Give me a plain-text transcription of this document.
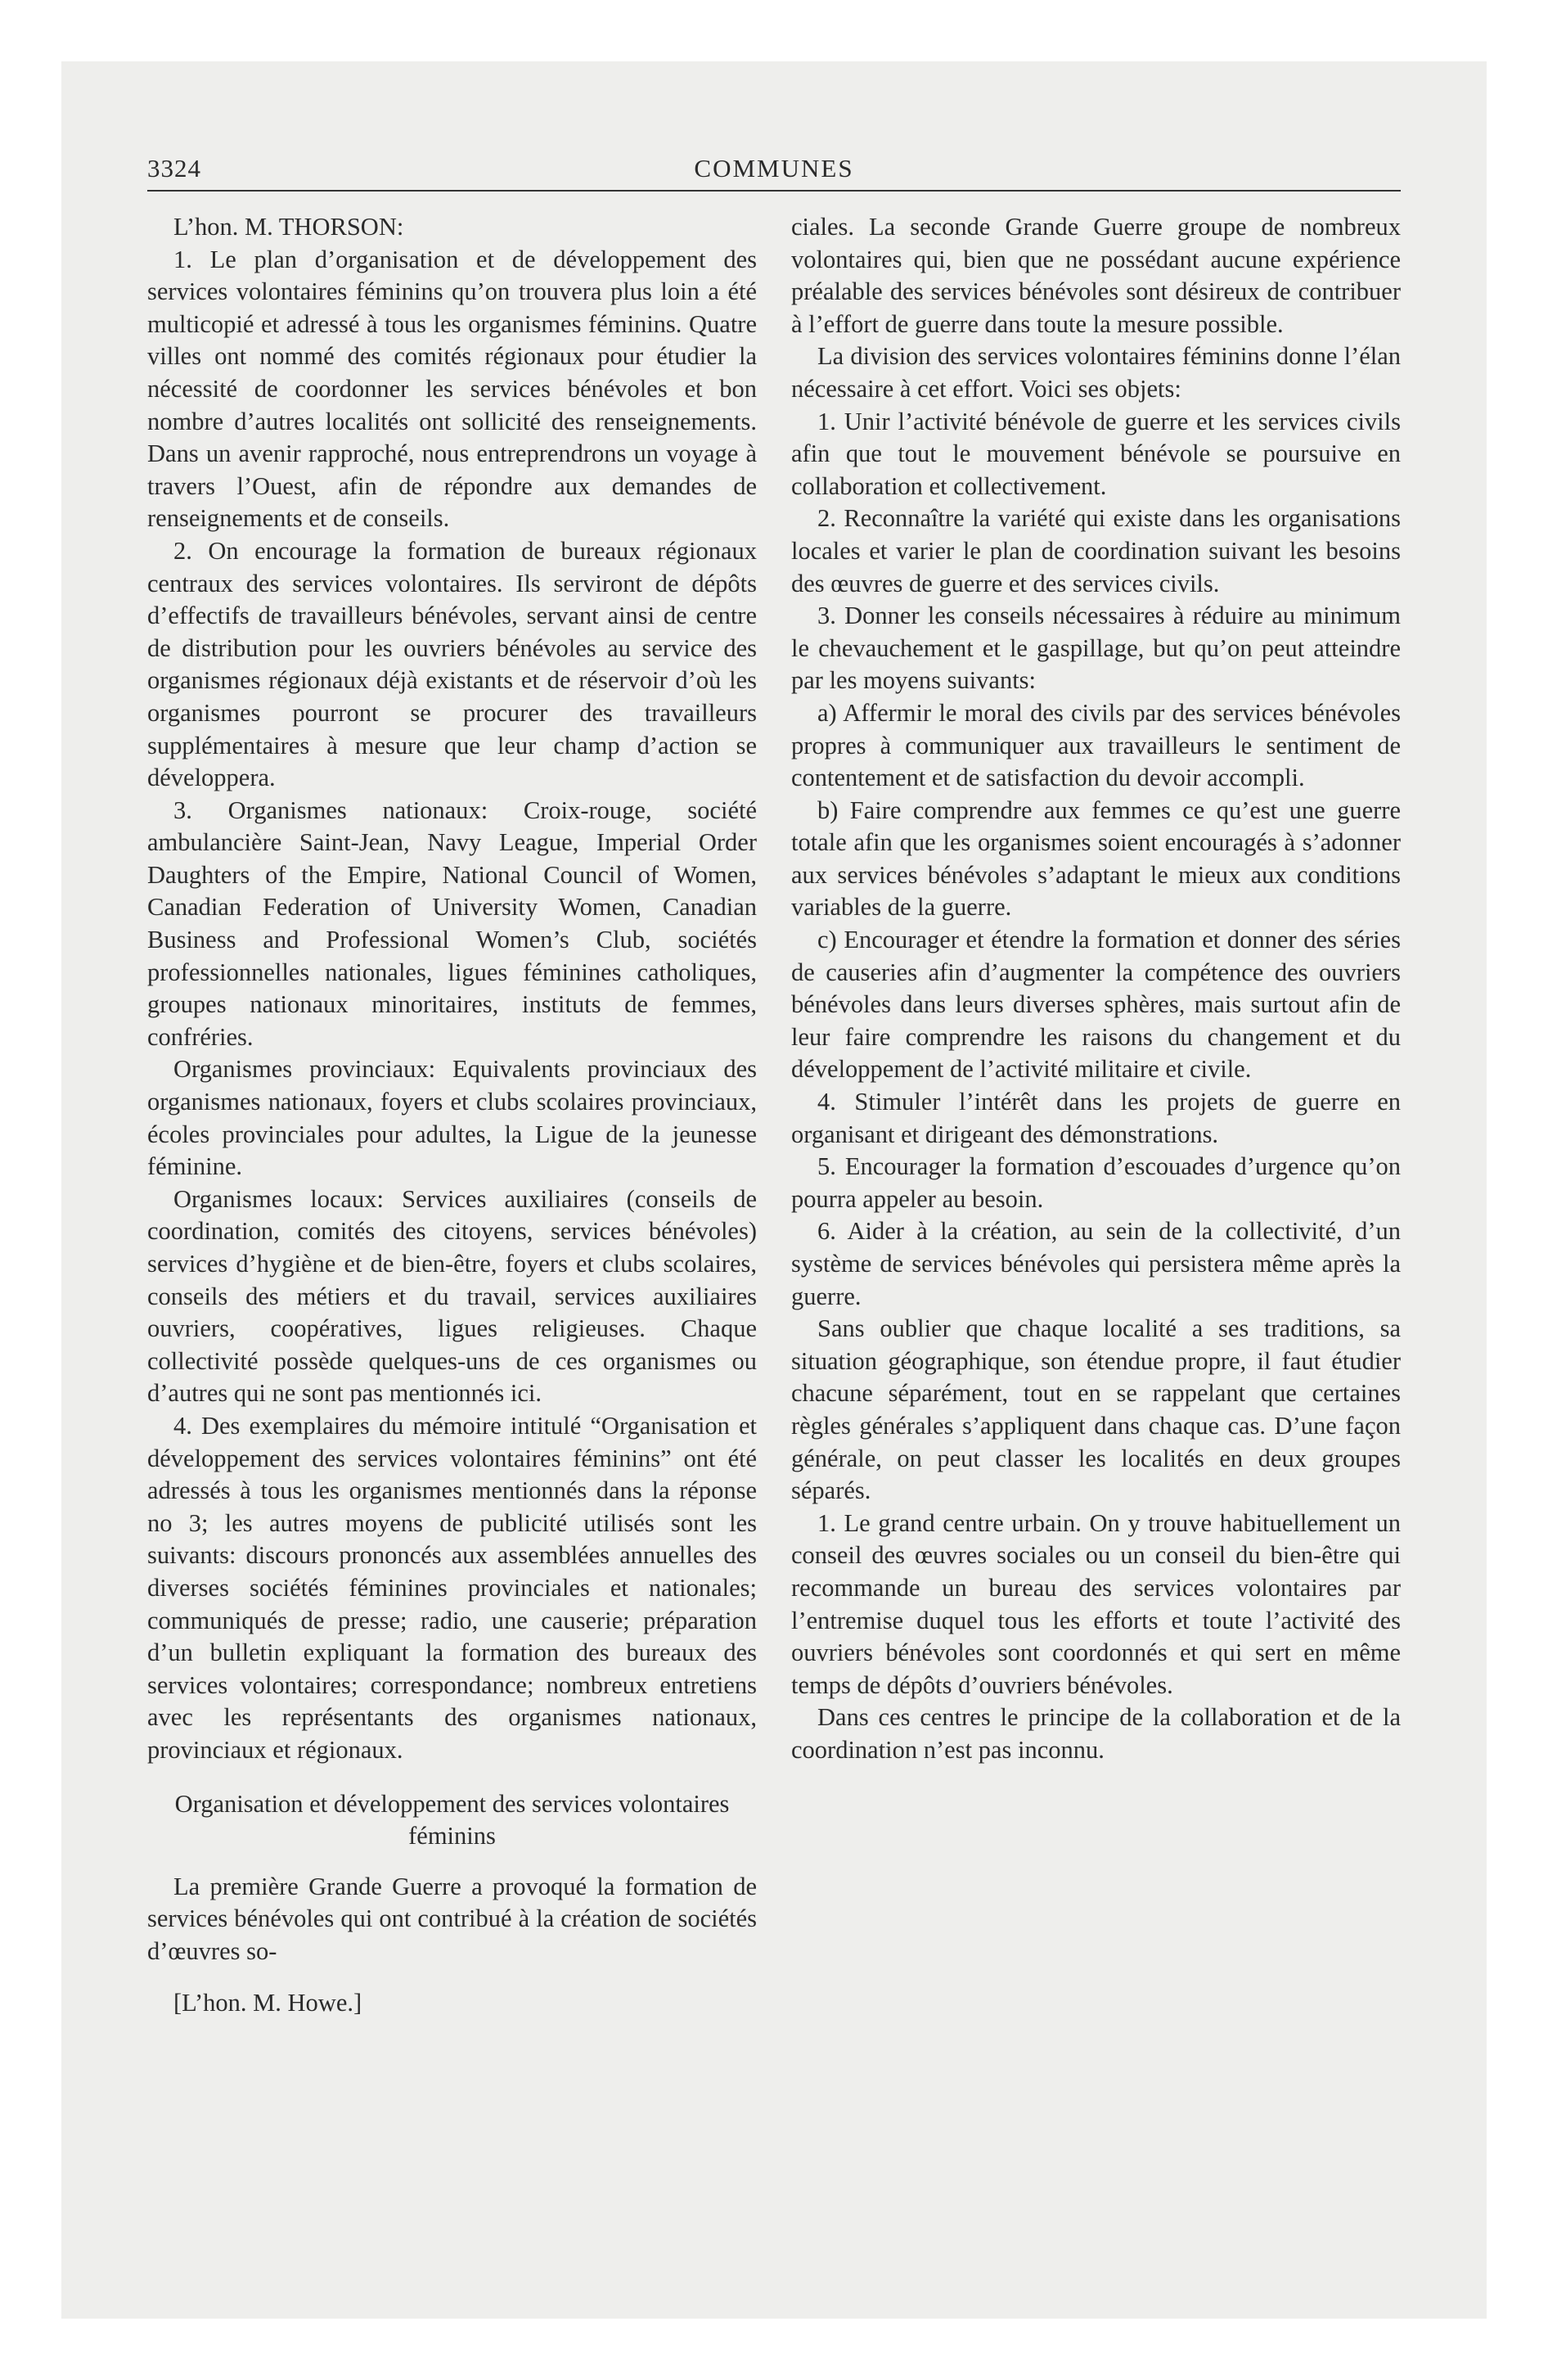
3324	COMMUNES

L’hon. M. THORSON:

1. Le plan d’organisation et de développement des services volontaires féminins qu’on trouvera plus loin a été multicopié et adressé à tous les organismes féminins. Quatre villes ont nommé des comités régionaux pour étudier la nécessité de coordonner les services bénévoles et bon nombre d’autres localités ont sollicité des renseignements. Dans un avenir rapproché, nous entreprendrons un voyage à travers l’Ouest, afin de répondre aux demandes de renseignements et de conseils.

2. On encourage la formation de bureaux régionaux centraux des services volontaires. Ils serviront de dépôts d’effectifs de travailleurs bénévoles, servant ainsi de centre de distribution pour les ouvriers bénévoles au service des organismes régionaux déjà existants et de réservoir d’où les organismes pourront se procurer des travailleurs supplémentaires à mesure que leur champ d’action se développera.

3. Organismes nationaux: Croix-rouge, société ambulancière Saint-Jean, Navy League, Imperial Order Daughters of the Empire, National Council of Women, Canadian Federation of University Women, Canadian Business and Professional Women’s Club, sociétés professionnelles nationales, ligues féminines catholiques, groupes nationaux minoritaires, instituts de femmes, confréries.

Organismes provinciaux: Equivalents provinciaux des organismes nationaux, foyers et clubs scolaires provinciaux, écoles provinciales pour adultes, la Ligue de la jeunesse féminine.

Organismes locaux: Services auxiliaires (conseils de coordination, comités des citoyens, services bénévoles) services d’hygiène et de bien-être, foyers et clubs scolaires, conseils des métiers et du travail, services auxiliaires ouvriers, coopératives, ligues religieuses. Chaque collectivité possède quelques-uns de ces organismes ou d’autres qui ne sont pas mentionnés ici.

4. Des exemplaires du mémoire intitulé “Organisation et développement des services volontaires féminins” ont été adressés à tous les organismes mentionnés dans la réponse no 3; les autres moyens de publicité utilisés sont les suivants: discours prononcés aux assemblées annuelles des diverses sociétés féminines provinciales et nationales; communiqués de presse; radio, une causerie; préparation d’un bulletin expliquant la formation des bureaux des services volontaires; correspondance; nombreux entretiens avec les représentants des organismes nationaux, provinciaux et régionaux.

Organisation et développement des services volontaires féminins

La première Grande Guerre a provoqué la formation de services bénévoles qui ont contribué à la création de sociétés d’œuvres so-

[L’hon. M. Howe.]

ciales. La seconde Grande Guerre groupe de nombreux volontaires qui, bien que ne possédant aucune expérience préalable des services bénévoles sont désireux de contribuer à l’effort de guerre dans toute la mesure possible.

La division des services volontaires féminins donne l’élan nécessaire à cet effort. Voici ses objets:

1. Unir l’activité bénévole de guerre et les services civils afin que tout le mouvement bénévole se poursuive en collaboration et collectivement.

2. Reconnaître la variété qui existe dans les organisations locales et varier le plan de coordination suivant les besoins des œuvres de guerre et des services civils.

3. Donner les conseils nécessaires à réduire au minimum le chevauchement et le gaspillage, but qu’on peut atteindre par les moyens suivants:

a) Affermir le moral des civils par des services bénévoles propres à communiquer aux travailleurs le sentiment de contentement et de satisfaction du devoir accompli.

b) Faire comprendre aux femmes ce qu’est une guerre totale afin que les organismes soient encouragés à s’adonner aux services bénévoles s’adaptant le mieux aux conditions variables de la guerre.

c) Encourager et étendre la formation et donner des séries de causeries afin d’augmenter la compétence des ouvriers bénévoles dans leurs diverses sphères, mais surtout afin de leur faire comprendre les raisons du changement et du développement de l’activité militaire et civile.

4. Stimuler l’intérêt dans les projets de guerre en organisant et dirigeant des démonstrations.

5. Encourager la formation d’escouades d’urgence qu’on pourra appeler au besoin.

6. Aider à la création, au sein de la collectivité, d’un système de services bénévoles qui persistera même après la guerre.

Sans oublier que chaque localité a ses traditions, sa situation géographique, son étendue propre, il faut étudier chacune séparément, tout en se rappelant que certaines règles générales s’appliquent dans chaque cas. D’une façon générale, on peut classer les localités en deux groupes séparés.

1. Le grand centre urbain. On y trouve habituellement un conseil des œuvres sociales ou un conseil du bien-être qui recommande un bureau des services volontaires par l’entremise duquel tous les efforts et toute l’activité des ouvriers bénévoles sont coordonnés et qui sert en même temps de dépôts d’ouvriers bénévoles.

Dans ces centres le principe de la collaboration et de la coordination n’est pas inconnu.
